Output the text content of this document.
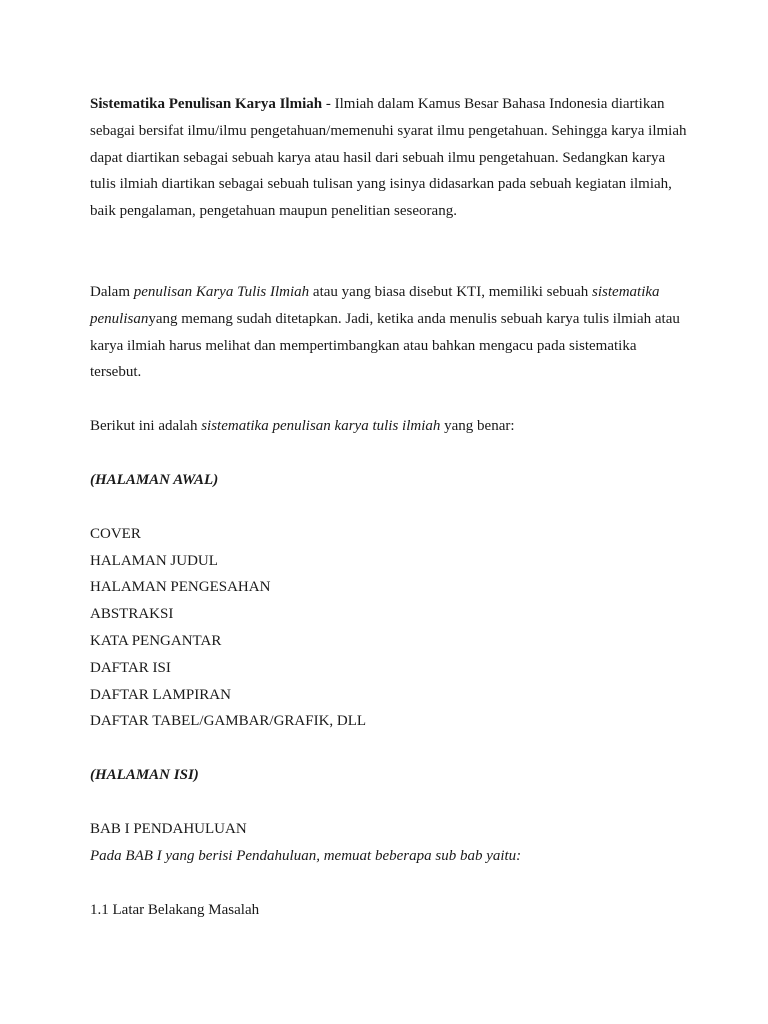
Sistematika Penulisan Karya Ilmiah - Ilmiah dalam Kamus Besar Bahasa Indonesia diartikan sebagai bersifat ilmu/ilmu pengetahuan/memenuhi syarat ilmu pengetahuan. Sehingga karya ilmiah dapat diartikan sebagai sebuah karya atau hasil dari sebuah ilmu pengetahuan. Sedangkan karya tulis ilmiah diartikan sebagai sebuah tulisan yang isinya didasarkan pada sebuah kegiatan ilmiah, baik pengalaman, pengetahuan maupun penelitian seseorang.

Dalam penulisan Karya Tulis Ilmiah atau yang biasa disebut KTI, memiliki sebuah sistematika penulisanyang memang sudah ditetapkan. Jadi, ketika anda menulis sebuah karya tulis ilmiah atau karya ilmiah harus melihat dan mempertimbangkan atau bahkan mengacu pada sistematika tersebut.

Berikut ini adalah sistematika penulisan karya tulis ilmiah yang benar:

(HALAMAN AWAL)

COVER

HALAMAN JUDUL

HALAMAN PENGESAHAN

ABSTRAKSI

KATA PENGANTAR

DAFTAR ISI

DAFTAR LAMPIRAN

DAFTAR TABEL/GAMBAR/GRAFIK, DLL

(HALAMAN ISI)

BAB I PENDAHULUAN

Pada BAB I yang berisi Pendahuluan, memuat beberapa sub bab yaitu:

1.1 Latar Belakang Masalah
